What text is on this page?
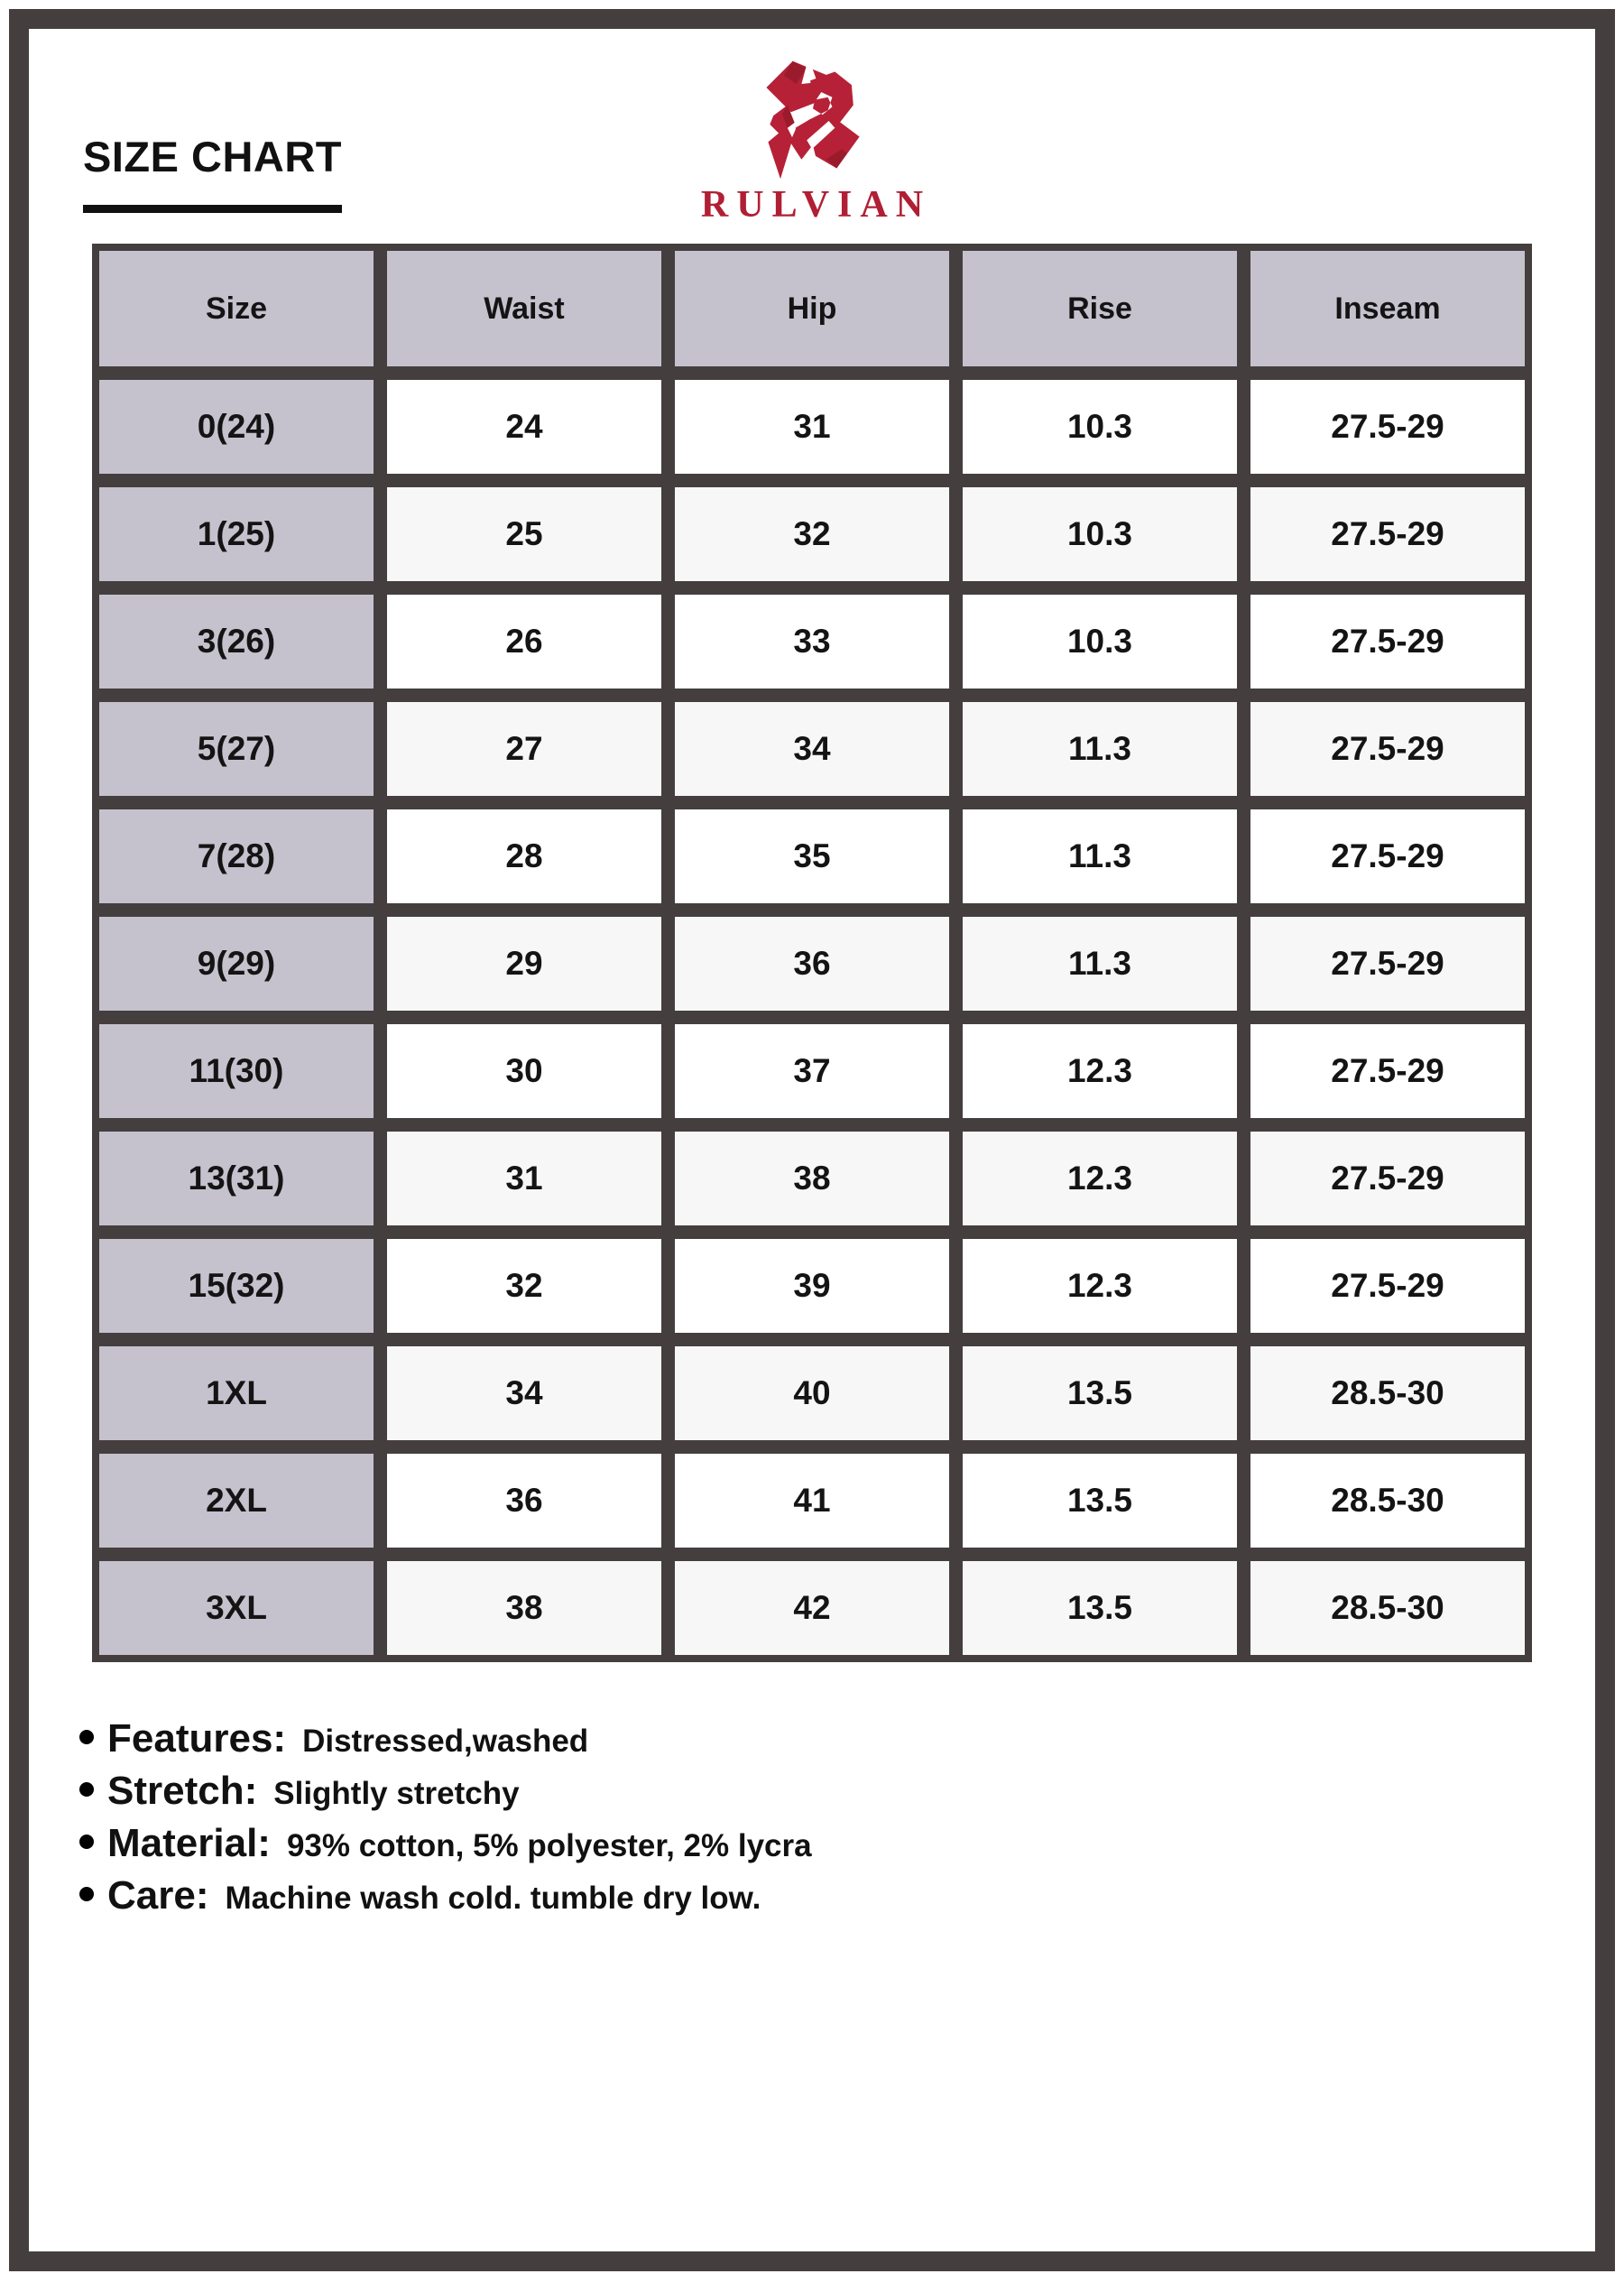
SIZE CHART
RULVIAN
Size	Waist	Hip	Rise	Inseam
0(24)	24	31	10.3	27.5-29
1(25)	25	32	10.3	27.5-29
3(26)	26	33	10.3	27.5-29
5(27)	27	34	11.3	27.5-29
7(28)	28	35	11.3	27.5-29
9(29)	29	36	11.3	27.5-29
11(30)	30	37	12.3	27.5-29
13(31)	31	38	12.3	27.5-29
15(32)	32	39	12.3	27.5-29
1XL	34	40	13.5	28.5-30
2XL	36	41	13.5	28.5-30
3XL	38	42	13.5	28.5-30
Features: Distressed,washed
Stretch: Slightly stretchy
Material: 93% cotton, 5% polyester, 2% lycra
Care: Machine wash cold. tumble dry low.
